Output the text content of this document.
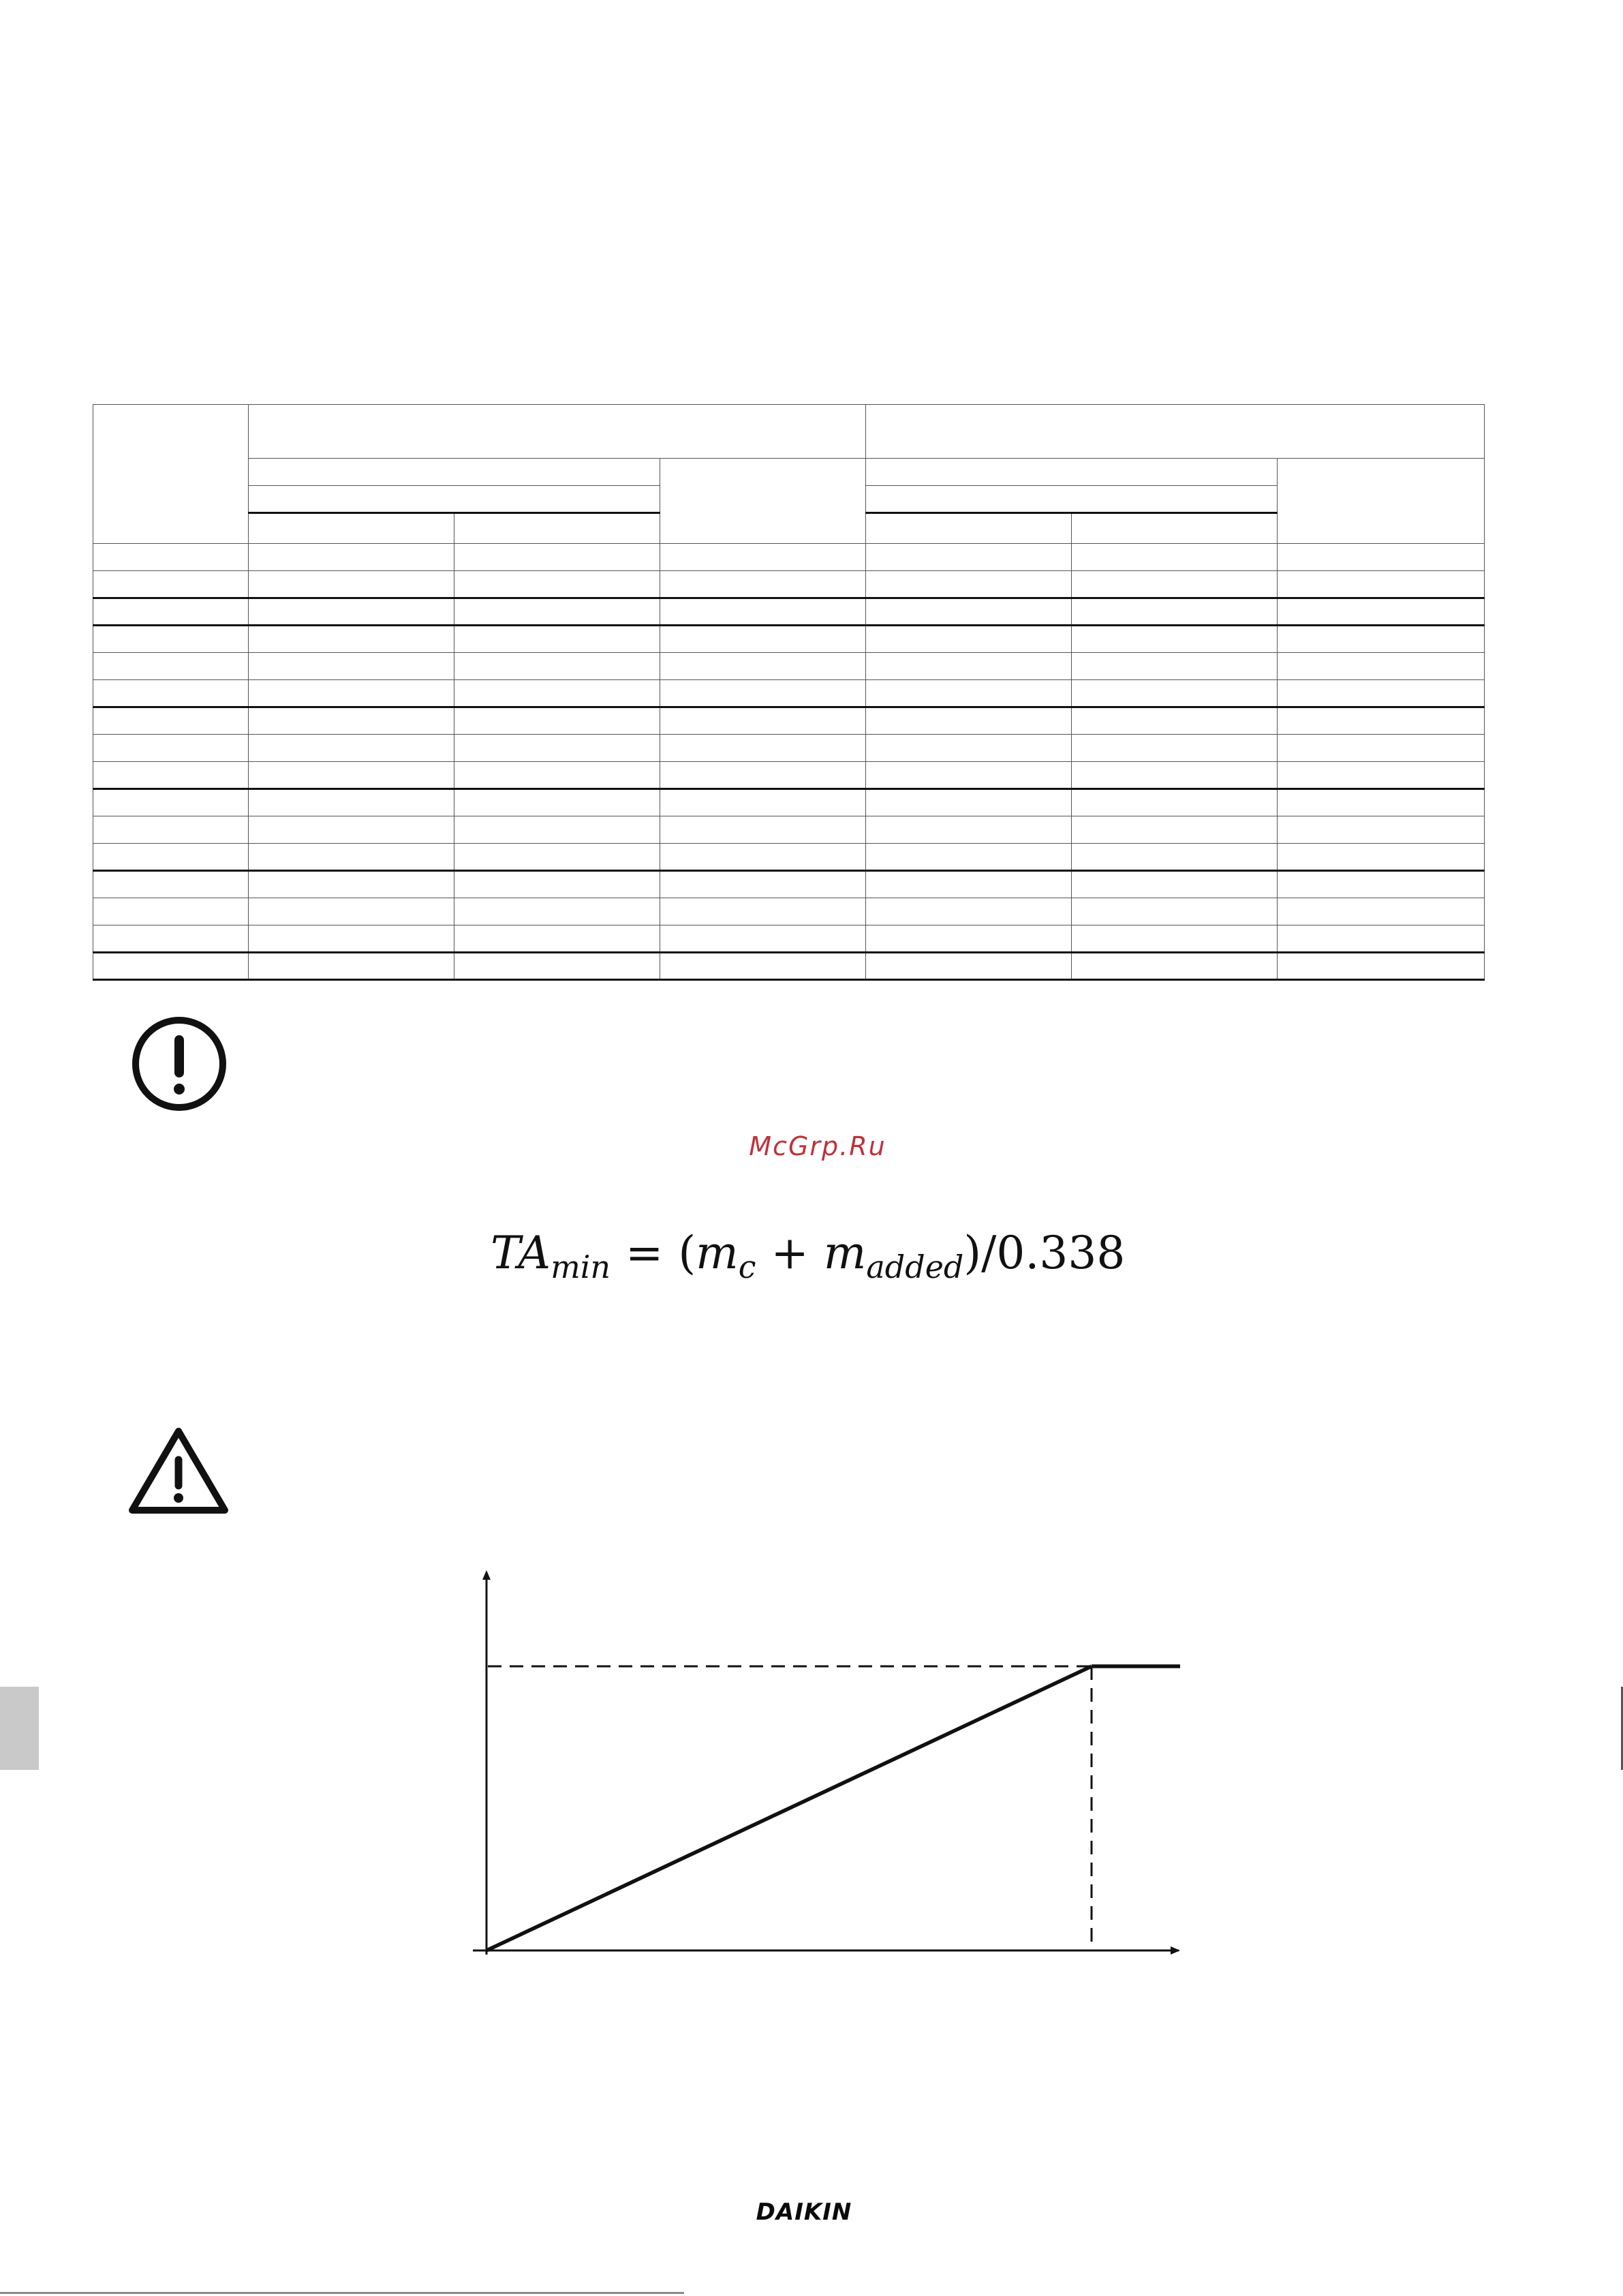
McGrp.Ru
$TA_{min} = (m_c + m_{added})/0.338$
DAIKIN
